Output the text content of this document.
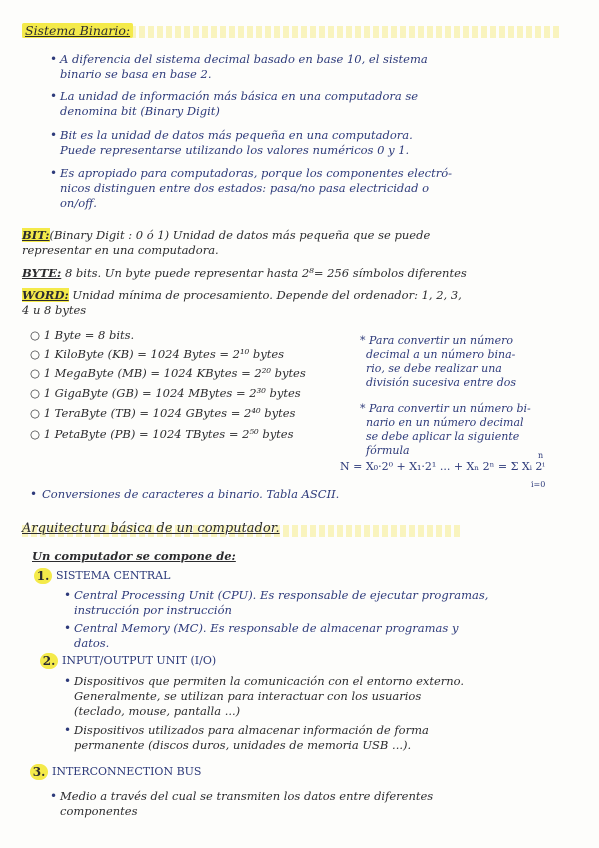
Sistema Binario:
• A diferencia del sistema decimal basado en base 10, el sistema
binario se basa en base 2.
• La unidad de información más básica en una computadora se
denomina bit (Binary Digit)
• Bit es la unidad de datos más pequeña en una computadora.
Puede representarse utilizando los valores numéricos 0 y 1.
• Es apropiado para computadoras, porque los componentes electró-
nicos distinguen entre dos estados: pasa/no pasa electricidad o
on/off.
BIT:(Binary Digit : 0 ó 1) Unidad de datos más pequeña que se puede
representar en una computadora.
BYTE: 8 bits. Un byte puede representar hasta 2⁸= 256 símbolos diferentes
WORD: Unidad mínima de procesamiento. Depende del ordenador: 1, 2, 3,
4 u 8 bytes
○ 1 Byte = 8 bits.
○ 1 KiloByte (KB) = 1024 Bytes = 2¹⁰ bytes
○ 1 MegaByte (MB) = 1024 KBytes = 2²⁰ bytes
○ 1 GigaByte (GB) = 1024 MBytes = 2³⁰ bytes
○ 1 TeraByte (TB) = 1024 GBytes = 2⁴⁰ bytes
○ 1 PetaByte (PB) = 1024 TBytes = 2⁵⁰ bytes
* Para convertir un número
decimal a un número bina-
rio, se debe realizar una
división sucesiva entre dos
* Para convertir un número bi-
nario en un número decimal
se debe aplicar la siguiente
fórmula	n
N = X₀·2⁰ + X₁·2¹ ... + Xₙ 2ⁿ = Σ Xᵢ 2ⁱ
i=0
• Conversiones de caracteres a binario. Tabla ASCII.
Arquitectura básica de un computador.
Un computador se compone de:
1. SISTEMA CENTRAL
• Central Processing Unit (CPU). Es responsable de ejecutar programas,
instrucción por instrucción
• Central Memory (MC). Es responsable de almacenar programas y
datos.
2. INPUT/OUTPUT UNIT (I/O)
• Dispositivos que permiten la comunicación con el entorno externo.
Generalmente, se utilizan para interactuar con los usuarios
(teclado, mouse, pantalla ...)
• Dispositivos utilizados para almacenar información de forma
permanente (discos duros, unidades de memoria USB ...).
3. INTERCONNECTION BUS
• Medio a través del cual se transmiten los datos entre diferentes
componentes
